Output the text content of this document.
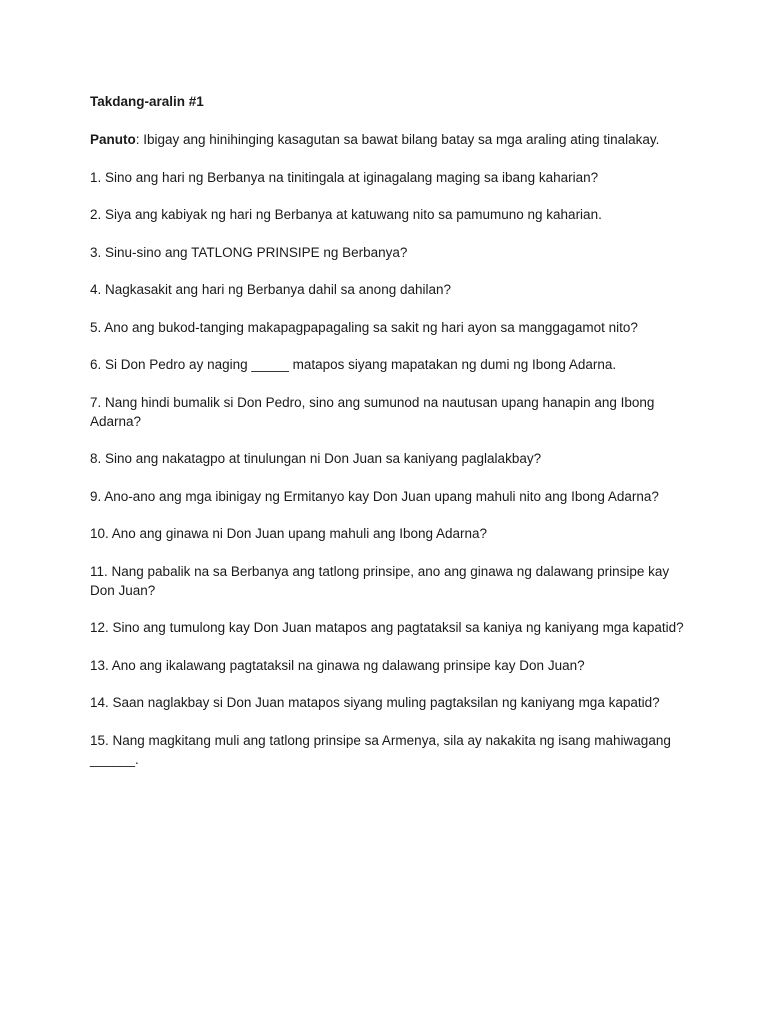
Takdang-aralin #1
Panuto: Ibigay ang hinihinging kasagutan sa bawat bilang batay sa mga araling ating tinalakay.
1. Sino ang hari ng Berbanya na tinitingala at iginagalang maging sa ibang kaharian?
2. Siya ang kabiyak ng hari ng Berbanya at katuwang nito sa pamumuno ng kaharian.
3. Sinu-sino ang TATLONG PRINSIPE ng Berbanya?
4. Nagkasakit ang hari ng Berbanya dahil sa anong dahilan?
5. Ano ang bukod-tanging makapagpapagaling sa sakit ng hari ayon sa manggagamot nito?
6. Si Don Pedro ay naging _____ matapos siyang mapatakan ng dumi ng Ibong Adarna.
7. Nang hindi bumalik si Don Pedro, sino ang sumunod na nautusan upang hanapin ang Ibong Adarna?
8. Sino ang nakatagpo at tinulungan ni Don Juan sa kaniyang paglalakbay?
9. Ano-ano ang mga ibinigay ng Ermitanyo kay Don Juan upang mahuli nito ang Ibong Adarna?
10. Ano ang ginawa ni Don Juan upang mahuli ang Ibong Adarna?
11. Nang pabalik na sa Berbanya ang tatlong prinsipe, ano ang ginawa ng dalawang prinsipe kay Don Juan?
12. Sino ang tumulong kay Don Juan matapos ang pagtataksil sa kaniya ng kaniyang mga kapatid?
13. Ano ang ikalawang pagtataksil na ginawa ng dalawang prinsipe kay Don Juan?
14. Saan naglakbay si Don Juan matapos siyang muling pagtaksilan ng kaniyang mga kapatid?
15. Nang magkitang muli ang tatlong prinsipe sa Armenya, sila ay nakakita ng isang mahiwagang ______.
